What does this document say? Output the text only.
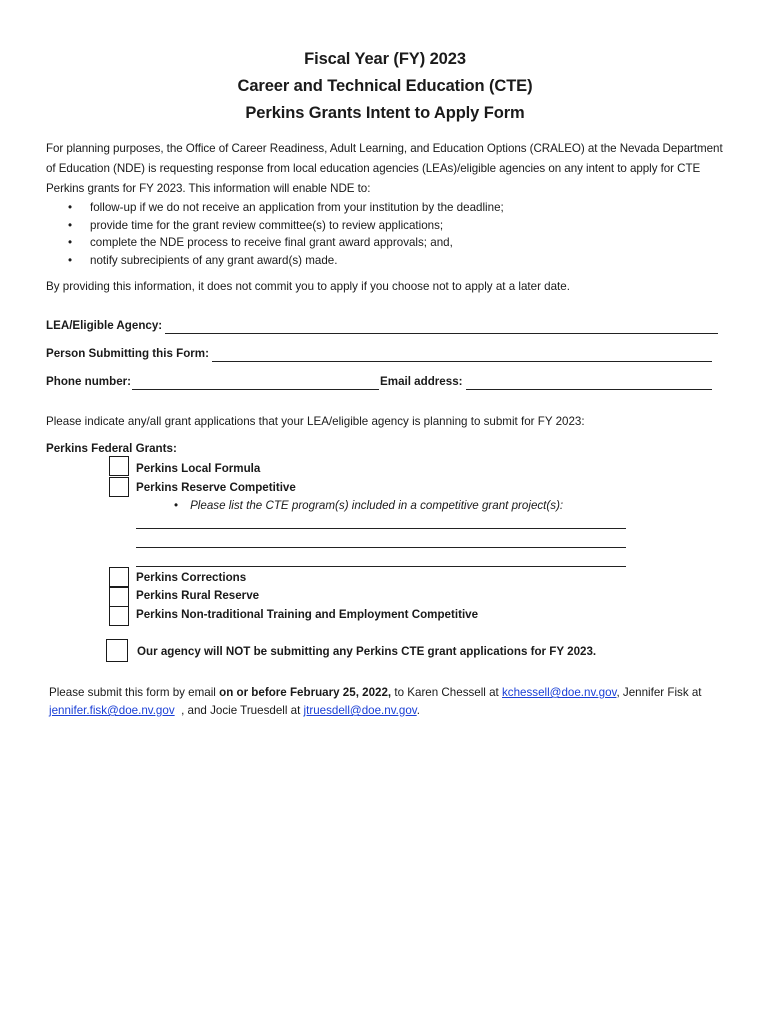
Fiscal Year (FY) 2023
Career and Technical Education (CTE)
Perkins Grants Intent to Apply Form
For planning purposes, the Office of Career Readiness, Adult Learning, and Education Options (CRALEO) at the Nevada Department of Education (NDE) is requesting response from local education agencies (LEAs)/eligible agencies on any intent to apply for CTE Perkins grants for FY 2023. This information will enable NDE to:
• follow-up if we do not receive an application from your institution by the deadline;
• provide time for the grant review committee(s) to review applications;
• complete the NDE process to receive final grant award approvals; and,
• notify subrecipients of any grant award(s) made.
By providing this information, it does not commit you to apply if you choose not to apply at a later date.
LEA/Eligible Agency:
Person Submitting this Form:
Phone number:	Email address:
Please indicate any/all grant applications that your LEA/eligible agency is planning to submit for FY 2023:
Perkins Federal Grants:
Perkins Local Formula
Perkins Reserve Competitive
• Please list the CTE program(s) included in a competitive grant project(s):
Perkins Corrections
Perkins Rural Reserve
Perkins Non-traditional Training and Employment Competitive
Our agency will NOT be submitting any Perkins CTE grant applications for FY 2023.
Please submit this form by email on or before February 25, 2022, to Karen Chessell at kchessell@doe.nv.gov, Jennifer Fisk at jennifer.fisk@doe.nv.gov  , and Jocie Truesdell at jtruesdell@doe.nv.gov.
